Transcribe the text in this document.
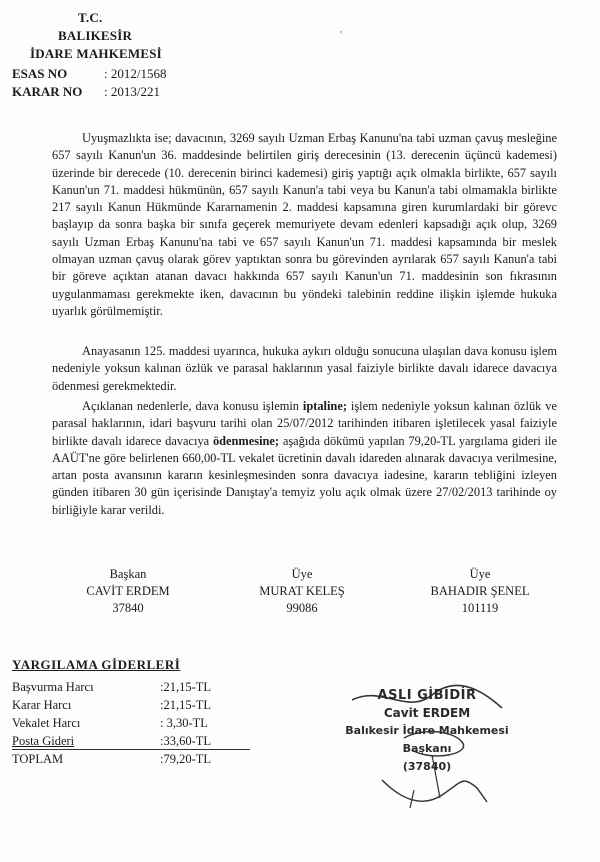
T.C.
BALIKESİR
İDARE MAHKEMESİ
ESAS NO	: 2012/1568
KARAR NO : 2013/221
'

Uyuşmazlıkta ise; davacının, 3269 sayılı Uzman Erbaş Kanunu'na tabi uzman çavuş mesleğine 657 sayılı Kanun'un 36. maddesinde belirtilen giriş derecesinin (13. derecenin üçüncü kademesi) üzerinde bir derecede (10. derecenin birinci kademesi) giriş yaptığı açık olmakla birlikte, 657 sayılı Kanun'un 71. maddesi hükmünün, 657 sayılı Kanun'a tabi veya bu Kanun'a tabi olmamakla birlikte 217 sayılı Kanun Hükmünde Kararnamenin 2. maddesi kapsamına giren kurumlardaki bir görevc başlayıp da sonra başka bir sınıfa geçerek memuriyete devam edenleri kapsadığı açık olup, 3269 sayılı Uzman Erbaş Kanunu'na tabi ve 657 sayılı Kanun'un 71. maddesi kapsamında bir meslek olmayan uzman çavuş olarak görev yaptıktan sonra bu görevinden ayrılarak 657 sayılı Kanun'a tabi bir göreve açıktan atanan davacı hakkında 657 sayılı Kanun'un 71. maddesinin son fıkrasının uygulanmaması gerekmekte iken, davacının bu yöndeki talebinin reddine ilişkin işlemde hukuka uyarlık görülmemiştir.

Anayasanın 125. maddesi uyarınca, hukuka aykırı olduğu sonucuna ulaşılan dava konusu işlem nedeniyle yoksun kalınan özlük ve parasal haklarının yasal faiziyle birlikte davalı idarece davacıya ödenmesi gerekmektedir.

Açıklanan nedenlerle, dava konusu işlemin iptaline; işlem nedeniyle yoksun kalınan özlük ve parasal haklarının, idari başvuru tarihi olan 25/07/2012 tarihinden itibaren işletilecek yasal faiziyle birlikte davalı idarece davacıya ödenmesine; aşağıda dökümü yapılan 79,20-TL yargılama gideri ile AAÜT'ne göre belirlenen 660,00-TL vekalet ücretinin davalı idareden alınarak davacıya verilmesine, artan posta avansının kararın kesinleşmesinden sonra davacıya iadesine, kararın tebliğini izleyen günden itibaren 30 gün içerisinde Danıştay'a temyiz yolu açık olmak üzere 27/02/2013 tarihinde oy birliğiyle karar verildi.

Başkan
CAVİT ERDEM
37840
Üye
MURAT KELEŞ
99086
Üye
BAHADIR ŞENEL
101119
YARGILAMA GİDERLERİ
Başvurma Harcı	:21,15-TL
Karar Harcı	:21,15-TL
Vekalet Harcı	: 3,30-TL
Posta Gideri	:33,60-TL
TOPLAM	:79,20-TL
ASLI GİBİDİR
Cavit ERDEM
Balıkesir İdare Mahkemesi
Başkanı
(37840)
